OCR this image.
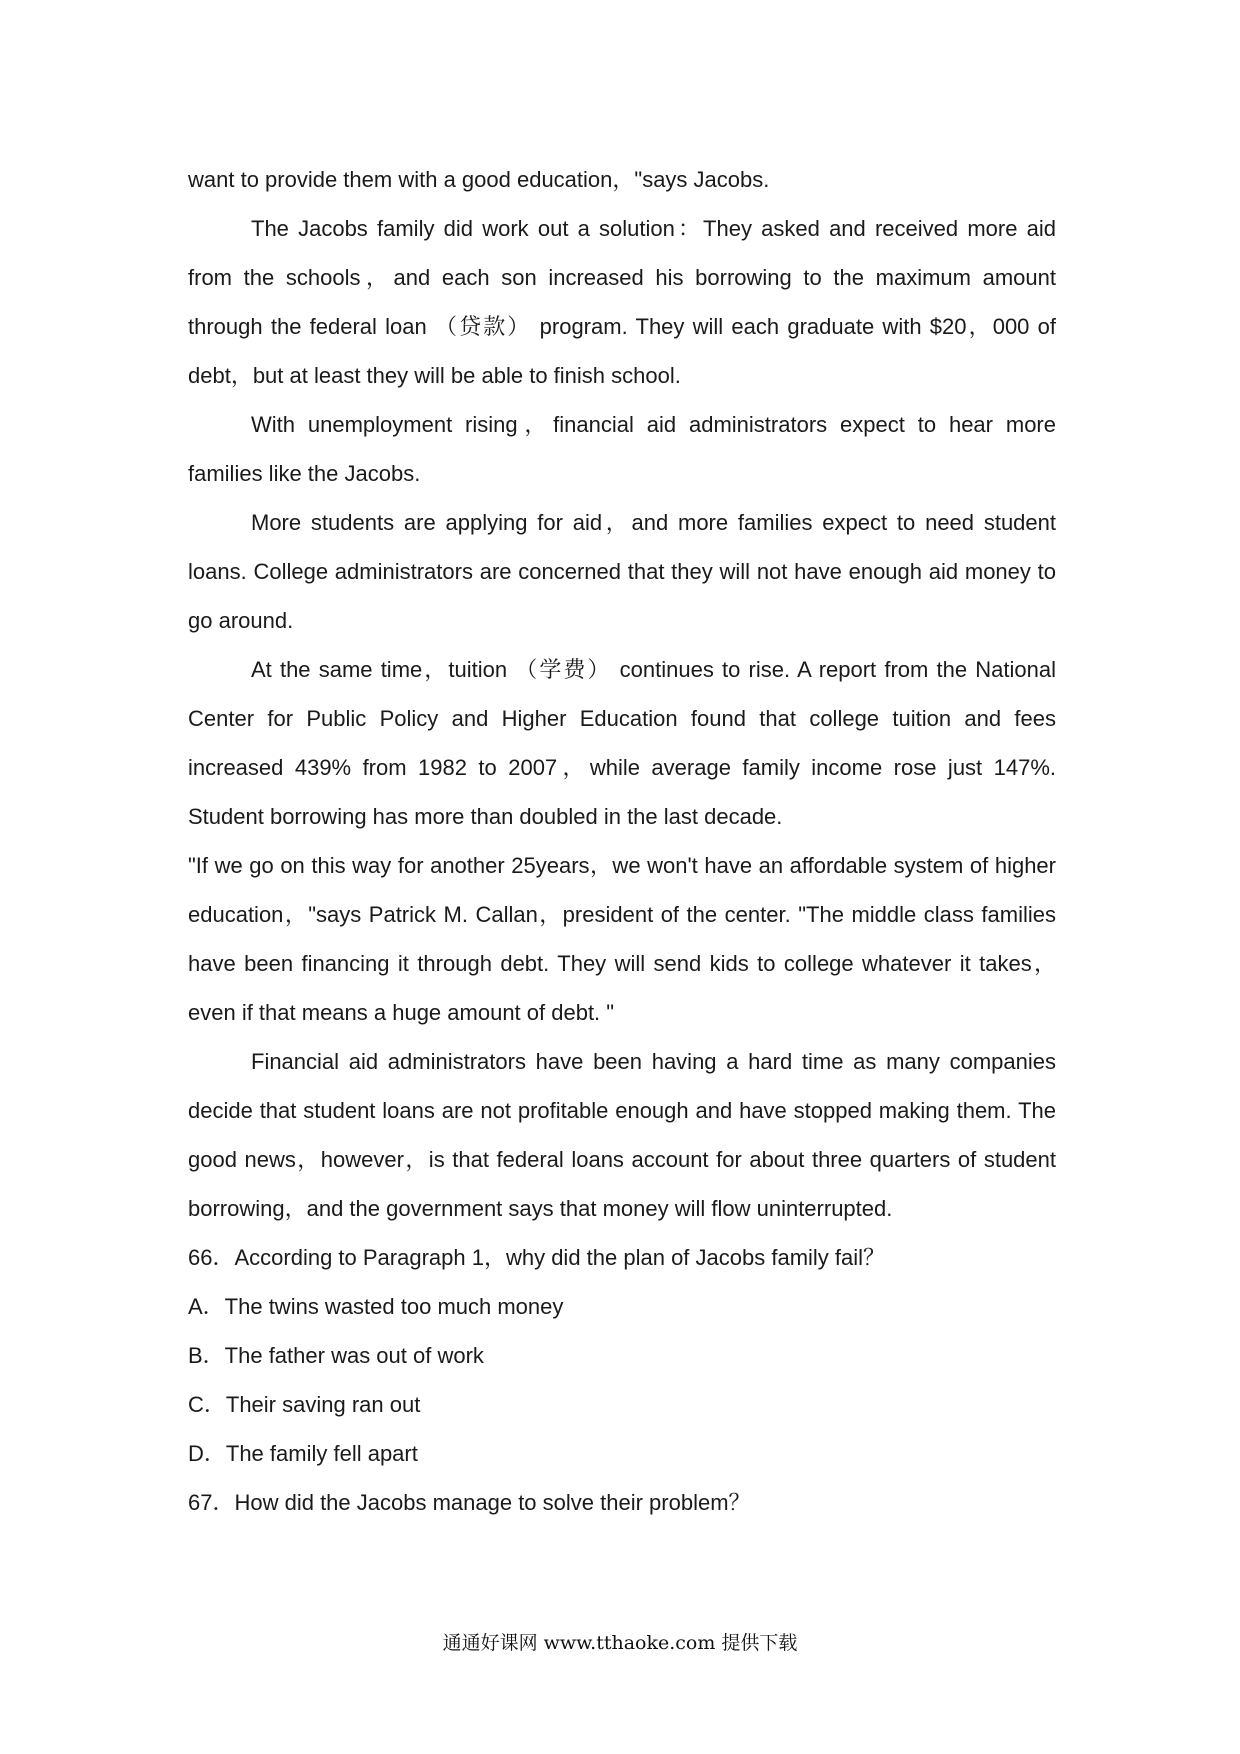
want to provide them with a good education，"says Jacobs.

The Jacobs family did work out a solution：They asked and received more aid from the schools，and each son increased his borrowing to the maximum amount through the federal loan （贷款） program. They will each graduate with $20，000 of debt，but at least they will be able to finish school.

With unemployment rising，financial aid administrators expect to hear more families like the Jacobs.

More students are applying for aid，and more families expect to need student loans. College administrators are concerned that they will not have enough aid money to go around.

At the same time，tuition （学费） continues to rise. A report from the National Center for Public Policy and Higher Education found that college tuition and fees increased 439% from 1982 to 2007，while average family income rose just 147%. Student borrowing has more than doubled in the last decade.

"If we go on this way for another 25years，we won't have an affordable system of higher education，"says Patrick M. Callan，president of the center. "The middle class families have been financing it through debt. They will send kids to college whatever it takes，even if that means a huge amount of debt. "

Financial aid administrators have been having a hard time as many companies decide that student loans are not profitable enough and have stopped making them. The good news，however，is that federal loans account for about three quarters of student borrowing，and the government says that money will flow uninterrupted.

66．According to Paragraph 1，why did the plan of Jacobs family fail？

A．The twins wasted too much money

B．The father was out of work

C．Their saving ran out

D．The family fell apart

67．How did the Jacobs manage to solve their problem？

通通好课网 www.tthaoke.com 提供下载
